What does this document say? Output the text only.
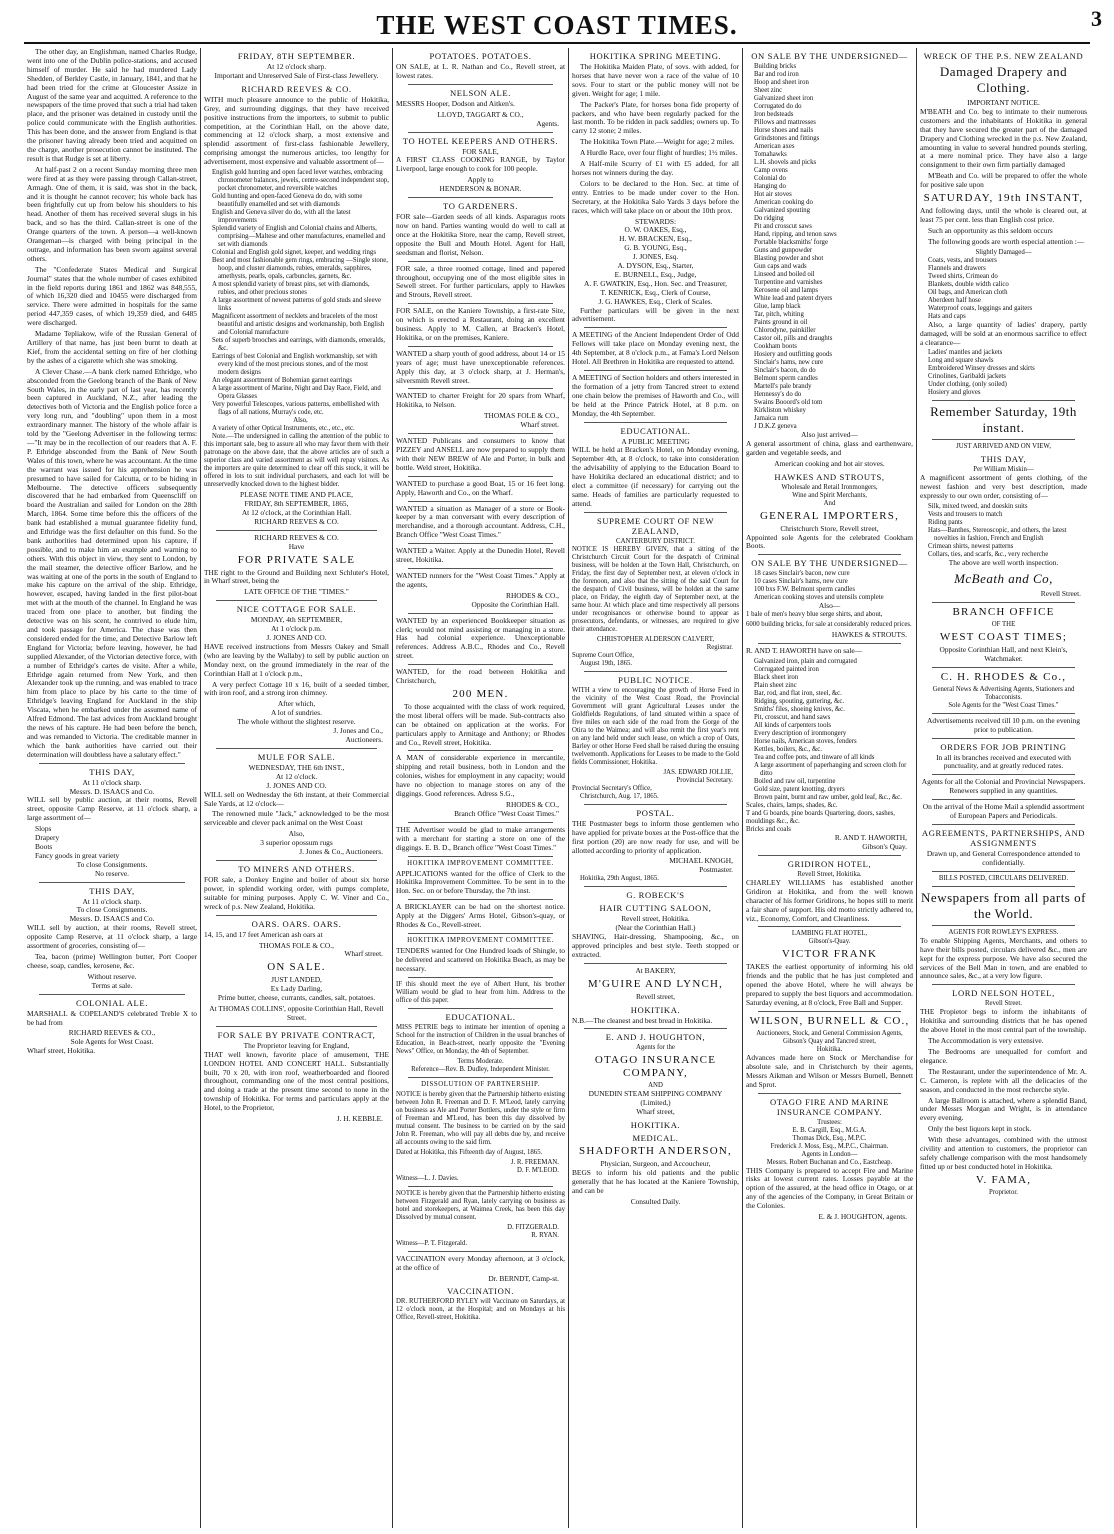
THE WEST COAST TIMES.	3

The other day, an Englishman, named Charles Rudge, went into one of the Dublin police-stations, and accused himself of murder. He said he had murdered Lady Shedden, of Berkley Castle, in January, 1841, and that he had been tried for the crime at Gloucester Assize in August of the same year and acquitted. A reference to the newspapers of the time proved that such a trial had taken place, and the prisoner was detained in custody until the police could communicate with the English authorities. This has been done, and the answer from England is that the prisoner having already been tried and acquitted on the charge, another prosecution cannot be instituted. The result is that Rudge is set at liberty.

At half-past 2 on a recent Sunday morning three men were fired at as they were passing through Callan-street, Armagh. One of them, it is said, was shot in the back, and it is thought he cannot recover; his whole back has been frightfully cut up from below his shoulders to his head. Another of them has received several slugs in his back, and so has the third. Callan-street is one of the Orange quarters of the town. A person—a well-known Orangeman—is charged with being principal in the outrage, and information has been sworn against several others.

The "Confederate States Medical and Surgical Journal" states that the whole number of cases exhibited in the field reports during 1861 and 1862 was 848,555, of which 16,320 died and 10455 were discharged from service. There were admitted in hospitals for the same period 447,359 cases, of which 19,359 died, and 6485 were discharged.

Madame Tepliakow, wife of the Russian General of Artillery of that name, has just been burnt to death at Kief, from the accidental setting on fire of her clothing by the ashes of a cigarette which she was smoking.

A Clever Chase.—A bank clerk named Ethridge, who absconded from the Geelong branch of the Bank of New South Wales, in the early part of last year, has recently been captured in Auckland, N.Z., after leading the detectives both of Victoria and the English police force a very long run, and "doubling" upon them in a most extraordinary manner. The history of the whole affair is told by the "Geelong Advertiser in the following terms:—"It may be in the recollection of our readers that A. F. P. Ethridge absconded from the Bank of New South Wales of this town, where he was accountant. At the time the warrant was issued for his apprehension he was presumed to have sailed for Calcutta, or to be hiding in Melbourne. The detective officers subsequently discovered that he had embarked from Queenscliff on board the Australian and sailed for London on the 28th March, 1864. Some time before this the officers of the bank had established a mutual guarantee fidelity fund, and Ethridge was the first defaulter on this fund. So the bank authorities had determined upon his capture, if possible, and to make him an example and warning to others. With this object in view, they sent to London, by the mail steamer, the detective officer Barlow, and he was waiting at one of the ports in the south of England to make his capture on the arrival of the ship. Ethridge, however, escaped, having landed in the first pilot-boat met with at the mouth of the channel. In England he was traced from one place to another, but finding the detective was on his scent, he contrived to elude him, and took passage for America. The chase was then considered ended for the time, and Detective Barlow left England for Victoria; before leaving, however, he had supplied Alexander, of the Victorian detective force, with a number of Ethridge's cartes de visite. After a while, Ethridge again returned from New York, and then Alexander took up the running, and was enabled to trace him from place to place by his carte to the time of Ethridge's leaving England for Auckland in the ship Viscata, when he embarked under the assumed name of Alfred Edmond. The last advices from Auckland brought the news of his capture. He had been before the bench, and was remanded to Victoria. The creditable manner in which the bank authorities have carried out their determination will doubtless have a salutary effect."

THIS DAY,
At 11 o'clock sharp.
Messrs. D. ISAACS and Co.

WILL sell by public auction, at their rooms, Revell street, opposite Camp Reserve, at 11 o'clock sharp, a large assortment of—

Slops
Drapery
Boots
Fancy goods in great variety
To close Consignments.
No reserve.
THIS DAY,
At 11 o'clock sharp.
To close Consignments.
Messrs. D. ISAACS and Co.

WILL sell by auction, at their rooms, Revell street, opposite Camp Reserve, at 11 o'clock sharp, a large assortment of groceries, consisting of—

Tea, bacon (prime) Wellington butter, Port Cooper cheese, soap, candles, kerosene, &c.

Without reserve.
Terms at sale.
COLONIAL ALE.

MARSHALL & COPELAND'S celebrated Treble X to be had from

RICHARD REEVES & CO.,
Sole Agents for West Coast.
Wharf street, Hokitika.
FRIDAY, 8TH SEPTEMBER.
At 12 o'clock sharp.
Important and Unreserved Sale of First-class Jewellery.
RICHARD REEVES & CO.

WITH much pleasure announce to the public of Hokitika, Grey, and surrounding diggings, that they have received positive instructions from the importers, to submit to public competition, at the Corinthian Hall, on the above date, commencing at 12 o'clock sharp, a most extensive and splendid assortment of first-class fashionable Jewellery, comprising amongst the numerous articles, too lengthy for advertisement, most expensive and valuable assortment of—

English gold hunting and open faced lever watches, embracing chronometer balances, jewels, centre-second independent stop, pocket chronometer, and reversible watches
Gold hunting and open-faced Geneva do do, with some beautifully enamelled and set with diamonds
English and Geneva silver do do, with all the latest improvements
Splendid variety of English and Colonial chains and Alberts, comprising—Maltese and other manufactures, enamelled and set with diamonds
Colonial and English gold signet, keeper, and wedding rings
Best and most fashionable gem rings, embracing —Single stone, hoop, and cluster diamonds, rubies, emeralds, sapphires, amethysts, pearls, opals, carbuncles, garnets, &c.
A most splendid variety of breast pins, set with diamonds, rubies, and other precious stones
A large assortment of newest patterns of gold studs and sleeve links
Magnificent assortment of necklets and bracelets of the most beautiful and artistic designs and workmanship, both English and Colonial manufacture
Sets of superb brooches and earrings, with diamonds, emeralds, &c.
Earrings of best Colonial and English workmanship, set with every kind of the most precious stones, and of the most modern designs
An elegant assortment of Bohemian garnet earrings
A large assortment of Marine, Night and Day Race, Field, and Opera Glasses
Very powerful Telescopes, various patterns, embellished with flags of all nations, Murray's code, etc.
Also,
A variety of other Optical Instruments, etc., etc., etc.

Note.—The undersigned in calling the attention of the public to this important sale, beg to assure all who may favor them with their patronage on the above date, that the above articles are of such a superior class and varied assortment as will well repay visitors. As the importers are quite determined to clear off this stock, it will be offered in lots to suit individual purchasers, and each lot will be unreservedly knocked down to the highest bidder.

PLEASE NOTE TIME AND PLACE,
FRIDAY, 8th SEPTEMBER, 1865,
At 12 o'clock, at the Corinthian Hall.
RICHARD REEVES & CO.
RICHARD REEVES & CO.
Have
FOR PRIVATE SALE

THE right to the Ground and Building next Schluter's Hotel, in Wharf street, being the

LATE OFFICE OF THE "TIMES."
NICE COTTAGE FOR SALE.
MONDAY, 4th SEPTEMBER,
At 1 o'clock p.m.
J. JONES AND CO.

HAVE received instructions from Messrs Oakey and Small (who are leaving by the Wallaby) to sell by public auction on Monday next, on the ground immediately in the rear of the Corinthian Hall at 1 o'clock p.m.,

A very perfect Cottage 10 x 16, built of a seeded timber, with iron roof, and a strong iron chimney.

After which,
A lot of sundries.
The whole without the slightest reserve.
J. Jones and Co.,
Auctioneers.
MULE FOR SALE.
WEDNESDAY, THE 6th INST.,
At 12 o'clock.
J. JONES AND CO.

WILL sell on Wednesday the 6th instant, at their Commercial Sale Yards, at 12 o'clock—

The renowned mule "Jack," acknowledged to be the most serviceable and clever pack animal on the West Coast

Also,
3 superior opossum rugs
J. Jones & Co., Auctioneers.
TO MINERS AND OTHERS.

FOR sale, a Donkey Engine and boiler of about six horse power, in splendid working order, with pumps complete, suitable for mining purposes. Apply C. W. Viner and Co., wreck of p.s. New Zealand, Hokitika.

OARS. OARS. OARS.

14, 15, and 17 feet American ash oars at

THOMAS FOLE & CO.,
Wharf street.
ON SALE.
JUST LANDED,
Ex Lady Darling,

Prime butter, cheese, currants, candles, salt, potatoes.

At THOMAS COLLINS', opposite Corinthian Hall, Revell Street.

FOR SALE BY PRIVATE CONTRACT,
The Proprietor leaving for England,

THAT well known, favorite place of amusement, THE LONDON HOTEL AND CONCERT HALL. Substantially built, 70 x 20, with iron roof, weatherboarded and floored throughout, commanding one of the most central positions, and doing a trade at the present time second to none in the township of Hokitika. For terms and particulars apply at the Hotel, to the Proprietor,

J. H. KEBBLE.
POTATOES. POTATOES.

ON SALE, at L. R. Nathan and Co., Revell street, at lowest rates.

NELSON ALE.

MESSRS Hooper, Dodson and Aitken's.

LLOYD, TAGGART & CO.,
Agents.
TO HOTEL KEEPERS AND OTHERS.
FOR SALE,

A FIRST CLASS COOKING RANGE, by Taylor Liverpool, large enough to cook for 100 people.

Apply to
HENDERSON & BONAR.
TO GARDENERS.

FOR sale—Garden seeds of all kinds. Asparagus roots now on hand. Parties wanting would do well to call at once at the Hokitika Store, near the camp, Revell street, opposite the Bull and Mouth Hotel. Agent for Hall, seedsman and florist, Nelson.

FOR sale, a three roomed cottage, lined and papered throughout, occupying one of the most eligible sites in Sewell street. For further particulars, apply to Hawkes and Strouts, Revell street.

FOR SALE, on the Kaniere Township, a first-rate Site, on which is erected a Restaurant, doing an excellent business. Apply to M. Callen, at Bracken's Hotel, Hokitika, or on the premises, Kaniere.

WANTED a sharp youth of good address, about 14 or 15 years of age; must have unexceptionable references. Apply this day, at 3 o'clock sharp, at J. Herman's, silversmith Revell street.

WANTED to charter Freight for 20 spars from Wharf, Hokitika, to Nelson.

THOMAS FOLE & CO.,
Wharf street.

WANTED Publicans and consumers to know that PIZZEY and ANSELL are now prepared to supply them with their NEW BREW of Ale and Porter, in bulk and bottle. Weld street, Hokitika.

WANTED to purchase a good Boat, 15 or 16 feet long. Apply, Haworth and Co., on the Wharf.

WANTED a situation as Manager of a store or Book-keeper by a man conversant with every description of merchandise, and a thorough accountant. Address, C.H., Branch Office "West Coast Times."

WANTED a Waiter. Apply at the Dunedin Hotel, Revell street, Hokitika.

WANTED runners for the "West Coast Times." Apply at the agents,

RHODES & CO.,
Opposite the Corinthian Hall.

WANTED by an experienced Bookkeeper situation as clerk; would not mind assisting or managing in a store. Has had colonial experience. Unexceptionable references. Address A.B.C., Rhodes and Co., Revell street.

WANTED, for the road between Hokitika and Christchurch,

200 MEN.

To those acquainted with the class of work required, the most liberal offers will be made. Sub-contracts also can be obtained on application at the works. For particulars apply to Armitage and Anthony; or Rhodes and Co., Revell street, Hokitika.

A MAN of considerable experience in mercantile, shipping and retail business, both in London and the colonies, wishes for employment in any capacity; would have no objection to manage stores on any of the diggings. Good references. Adress S.G.,

RHODES & CO.,
Branch Office "West Coast Times."

THE Advertiser would be glad to make arrangements with a merchant for starting a store on one of the diggings. E. B. D., Branch office "West Coast Times."

HOKITIKA IMPROVEMENT COMMITTEE.

APPLICATIONS wanted for the office of Clerk to the Hokitika Improvement Committee. To be sent in to the Hon. Sec. on or before Thursday, the 7th inst.

A BRICKLAYER can be had on the shortest notice. Apply at the Diggers' Arms Hotel, Gibson's-quay, or Rhodes & Co., Revell-street.

HOKITIKA IMPROVEMENT COMMITTEE.

TENDERS wanted for One Hundred loads of Shingle, to be delivered and scattered on Hokitika Beach, as may be necessary.

IF this should meet the eye of Albert Hunt, his brother William would be glad to hear from him. Address to the office of this paper.

EDUCATIONAL.

MISS PETRIE begs to intimate her intention of opening a School for the instruction of Children in the usual branches of Education, in Beach-street, nearly opposite the "Evening News" Office, on Monday, the 4th of September.

Terms Moderate.
Reference—Rev. B. Dudley, Independent Minister.
DISSOLUTION OF PARTNERSHIP.

NOTICE is hereby given that the Partnership hitherto existing between John R. Freeman and D. F. M'Leod, lately carrying on business as Ale and Porter Bottlers, under the style or firm of Freeman and M'Leod, has been this day dissolved by mutual consent. The business to be carried on by the said John R. Freeman, who will pay all debts due by, and receive all accounts owing to the said firm.

Dated at Hokitika, this Fifteenth day of August, 1865.

J. R. FREEMAN.
D. F. M'LEOD.
Witness—L. J. Davies.

NOTICE is hereby given that the Partnership hitherto existing between Fitzgerald and Ryan, lately carrying on business as hotel and storekeepers, at Waimea Creek, has been this day Dissolved by mutual consent.

D. FITZGERALD.
R. RYAN.
Witness—P. T. Fitzgerald.

VACCINATION every Monday afternoon, at 3 o'clock, at the office of

Dr. BERNDT, Camp-st.
VACCINATION.

DR. RUTHERFORD RYLEY will Vaccinate on Saturdays, at 12 o'clock noon, at the Hospital; and on Mondays at his Office, Revell-street, Hokitika.

HOKITIKA SPRING MEETING.

The Hokitika Maiden Plate, of sovs. with added, for horses that have never won a race of the value of 10 sovs. Four to start or the public money will not be given. Weight for age; 1 mile.

The Packer's Plate, for horses bona fide property of packers, and who have been regularly packed for the last month. To be ridden in pack saddles; owners up. To carry 12 stone; 2 miles.

The Hokitika Town Plate.—Weight for age; 2 miles.

A Hurdle Race, over four flight of hurdles; 1½ miles.

A Half-mile Scurry of £1 with £5 added, for all horses not winners during the day.

Colors to be declared to the Hon. Sec. at time of entry. Entries to be made under cover to the Hon. Secretary, at the Hokitika Salo Yards 3 days before the races, which will take place on or about the 10th prox.

STEWARDS:
O. W. OAKES, Esq.,
H. W. BRACKEN, Esq.,
G. B. YOUNG, Esq.,
J. JONES, Esq.
A. DYSON, Esq., Starter,
E. BURNELL, Esq., Judge,
A. F. GWATKIN, Esq., Hon. Sec. and Treasurer,
T. KENRICK, Esq., Clerk of Course,
J. G. HAWKES, Esq., Clerk of Scales.

Further particulars will be given in the next advertisement.

A MEETING of the Ancient Independent Order of Odd Fellows will take place on Monday evening next, the 4th September, at 8 o'clock p.m., at Fama's Lord Nelson Hotel. All Brethren in Hokitika are requested to attend.

A MEETING of Section holders and others interested in the formation of a jetty from Tancred street to extend one chain below the premises of Haworth and Co., will be held at the Prince Patrick Hotel, at 8 p.m. on Monday, the 4th September.

EDUCATIONAL.
A PUBLIC MEETING

WILL be held at Bracken's Hotel, on Monday evening, September 4th, at 8 o'clock, to take into consideration the advisability of applying to the Education Board to have Hokitika declared an educational district; and to elect a committee (if necessary) for carrying out the same. Heads of families are particularly requested to attend.

SUPREME COURT OF NEW ZEALAND,
CANTERBURY DISTRICT.

NOTICE IS HEREBY GIVEN, that a sitting of the Christchurch Circuit Court for the despatch of Criminal business, will be holden at the Town Hall, Christchurch, on Friday, the first day of September next, at eleven o'clock in the forenoon, and also that the sitting of the said Court for the despatch of Civil business, will be holden at the same place, on Friday, the eighth day of September next, at the same hour. At which place and time respectively all persons under recognisances or otherwise bound to appear as prosecutors, defendants, or witnesses, are required to give their attendance.

CHRISTOPHER ALDERSON CALVERT,
Registrar.
Supreme Court Office,
August 19th, 1865.
PUBLIC NOTICE.

WITH a view to encouraging the growth of Horse Feed in the vicinity of the West Coast Road, the Provincial Government will grant Agricultural Leases under the Goldfields Regulations, of land situated within a space of five miles on each side of the road from the Gorge of the Otira to the Waimea; and will also remit the first year's rent on any land held under such lease, on which a crop of Oats, Barley or other Horse Feed shall be raised during the ensuing twelvemonth. Applications for Leases to be made to the Gold fields Commissioner, Hokitika.

JAS. EDWARD JOLLIE,
Provincial Secretary.
Provincial Secretary's Office,
Christchurch, Aug. 17, 1865.
POSTAL.

THE Postmaster begs to inform those gentlemen who have applied for private boxes at the Post-office that the first portion (20) are now ready for use, and will be allotted according to priority of application.

MICHAEL KNOGH,
Postmaster.
Hokitika, 29th August, 1865.
G. ROBECK'S
HAIR CUTTING SALOON,
Revell street, Hokitika.
(Near the Corinthian Hall.)

SHAVING, Hair-dressing, Shampooing, &c., on approved principles and best style. Teeth stopped or extracted.

At BAKERY,
M'GUIRE AND LYNCH,
Revell street,
HOKITIKA.

N.B.—The cleanest and best bread in Hokitika.

E. AND J. HOUGHTON,
Agents for the
OTAGO INSURANCE COMPANY,
AND
DUNEDIN STEAM SHIPPING COMPANY
(Limited,)
Wharf street,
HOKITIKA.
MEDICAL.
SHADFORTH ANDERSON,
Physician, Surgeon, and Accoucheur,

BEGS to inform his old patients and the public generally that he has located at the Kaniere Township, and can be

Consulted Daily.
ON SALE BY THE UNDERSIGNED—
Building bricks
Bar and rod iron
Hoop and sheet iron
Sheet zinc
Galvanized sheet iron
Corrugated do do
Iron bedsteads
Pillows and mattresses
Horse shoes and nails
Grindstones and fittings
American axes
Tomahawks
L.H. shovels and picks
Camp ovens
Colonial do
Hanging do
Hot air stoves
American cooking do
Galvanized spouting
Do ridging
Pit and crosscut saws
Hand, ripping, and tenon saws
Portable blacksmiths' forge
Guns and gunpowder
Blasting powder and shot
Gun caps and wads
Linseed and boiled oil
Turpentine and varnishes
Kerosene oil and lamps
White lead and patent dryers
Glue, lamp black
Tar, pitch, whiting
Paints ground in oil
Chlorodyne, painkiller
Castor oil, pills and draughts
Cookham boots
Hosiery and outfitting goods
Sinclair's hams, new cure
Sinclair's bacon, do do
Belmont sperm candles
Martell's pale brandy
Hennessy's do do
Swains Booord's old tom
Kirkliston whiskey
Jamaica rum
J D.K.Z geneva
Also just arrived—

A general assortment of china, glass and earthenware, garden and vegetable seeds, and

American cooking and hot air stoves.
HAWKES AND STROUTS,
Wholesale and Retail Ironmongers,
Wine and Spirit Merchants,
And
GENERAL IMPORTERS,
Christchurch Store, Revell street,

Appointed sole Agents for the celebrated Cookham Boots.

ON SALE BY THE UNDERSIGNED—
18 cases Sinclair's bacon, new cure
10 cases Sinclair's hams, new cure
100 bxs F.W. Belmont sperm candles
American cooking stoves and utensils complete
Also—

1 bale of men's heavy blue serge shirts, and about,

6000 building bricks, for sale at considerably reduced prices.

HAWKES & STROUTS.

R. AND T. HAWORTH have on sale—

Galvanized iron, plain and corrugated
Corrugated painted iron
Black sheet iron
Plain sheet zinc
Bar, rod, and flat iron, steel, &c.
Ridging, spouting, guttering, &c.
Smiths' files, shoeing knives, &c.
Pit, crosscut, and hand saws
All kinds of carpenters tools
Every description of ironmongery
Horse nails, American stoves, fenders
Kettles, boilers, &c., &c.
Tea and coffee pots, and tinware of all kinds
A large assortment of paperhanging and screen cloth for ditto
Boiled and raw oil, turpentine
Gold size, patent knotting, dryers
Brown paint, burnt and raw umber, gold leaf, &c., &c.
Scales, chairs, lamps, shades, &c.
T and G boards, pine boards Quartering, doors, sashes, mouldings &c., &c.
Bricks and coals
R. AND T. HAWORTH,
Gibson's Quay.
GRIDIRON HOTEL,
Revell Street, Hokitika.

CHARLEY WILLIAMS has established another Gridiron at Hokitika, and from the well known character of his former Gridirons, he hopes still to merit a fair share of support. His old motto strictly adhered to, viz., Economy, Comfort, and Cleanliness.

LAMBING FLAT HOTEL,
Gibson's-Quay.
VICTOR FRANK

TAKES the earliest opportunity of informing his old friends and the public that he has just completed and opened the above Hotel, where he will always be prepared to supply the best liquors and accommodation. Saturday evening, at 8 o'clock, Free Ball and Supper.

WILSON, BURNELL & CO.,
Auctioneers, Stock, and General Commission Agents,
Gibson's Quay and Tancred street,
Hokitika.

Advances made here on Stock or Merchandise for absolute sale, and in Christchurch by their agents, Messrs Aikman and Wilson or Messrs Burnell, Bennett and Sprot.

OTAGO FIRE AND MARINE INSURANCE COMPANY.
Trustees:
E. B. Cargill, Esq., M.G.A.
Thomas Dick, Esq., M.P.C.
Frederick J. Moss, Esq., M.P.C., Chairman.
Agents in London—
Messrs. Robert Buchanan and Co., Eastcheap.

THIS Company is prepared to accept Fire and Marine risks at lowest current rates. Losses payable at the option of the assured, at the head office in Otago, or at any of the agencies of the Company, in Great Britain or the Colonies.

E. & J. HOUGHTON, agents.
WRECK OF THE P.S. NEW ZEALAND
Damaged Drapery and Clothing.
IMPORTANT NOTICE.

M'BEATH and Co. beg to intimate to their numerous customers and the inhabitants of Hokitika in general that they have secured the greater part of the damaged Drapery and Clothing wrecked in the p.s. New Zealand, amounting in value to several hundred pounds sterling, at a mere nominal price. They have also a large consignment to their own firm partially damaged

M'Beath and Co. will be prepared to offer the whole for positive sale upon

SATURDAY, 19th INSTANT,

And following days, until the whole is cleared out, at least 75 per cent. less than English cost price.

Such an opportunity as this seldom occurs

The following goods are worth especial attention :—

Slightly Damaged—
Coats, vests, and trousers
Flannels and drawers
Tweed shirts, Crimean do
Blankets, double width calico
Oil bags, and American cloth
Aberdeen half hose
Waterproof coats, leggings and gaiters
Hats and caps

Also, a large quantity of ladies' drapery, partly damaged, will be sold at an enormous sacrifice to effect a clearance—

Ladies' mantles and jackets
Long and square shawls
Embroidered Winsey dresses and skirts
Crinolines, Garibaldi jackets
Under clothing, (only soiled)
Hosiery and gloves
Remember Saturday, 19th instant.
JUST ARRIVED AND ON VIEW,
THIS DAY,
Per William Miskin—

A magnificent assortment of gents clothing, of the newest fashion and very best description, made expressly to our own order, consisting of—

Silk, mixed tweed, and doeskin suits
Vests and trousers to match
Riding pants
Hats—Banthes, Stereoscopic, and others, the latest novelties in fashion, French and English
Crimean shirts, newest patterns
Collars, ties, and scarfs, &c., very recherche
The above are well worth inspection.
McBeath and Co,
Revell Street.
BRANCH OFFICE
OF THE
WEST COAST TIMES;
Opposite Corinthian Hall, and next Klein's, Watchmaker.
C. H. RHODES & Co.,
General News & Advertising Agents, Stationers and Tobacconists.
Sole Agents for the "West Coast Times."

Advertisements received till 10 p.m. on the evening prior to publication.

ORDERS FOR JOB PRINTING

In all its branches received and executed with punctuality, and at greatly reduced rates.

Agents for all the Colonial and Provincial Newspapers. Renewers supplied in any quantities.

On the arrival of the Home Mail a splendid assortment of European Papers and Periodicals.

AGREEMENTS, PARTNERSHIPS, AND ASSIGNMENTS

Drawn up, and General Correspondence attended to confidentially.

BILLS POSTED, CIRCULARS DELIVERED.
Newspapers from all parts of the World.
AGENTS FOR ROWLEY'S EXPRESS.

To enable Shipping Agents, Merchants, and others to have their bills posted, circulars delivered &c., men are kept for the express purpose. We have also secured the services of the Bell Man in town, and are enabled to announce sales, &c., at a very low figure.

LORD NELSON HOTEL,
Revell Street.

THE Propietor begs to inform the inhabitants of Hokitika and surrounding districts that he has opened the above Hotel in the most central part of the township.

The Accommodation is very extensive.

The Bedrooms are unequalled for comfort and elegance.

The Restaurant, under the superintendence of Mr. A. C. Cameron, is replete with all the delicacies of the season, and conducted in the most recherche style.

A large Ballroom is attached, where a splendid Band, under Messrs Morgan and Wright, is in attendance every evening.

Only the best liquors kept in stock.

With these advantages, combined with the utmost civility and attention to customers, the proprietor can safely challenge comparison with the most handsomely fitted up or best conducted hotel in Hokitika.

V. FAMA,
Proprietor.
